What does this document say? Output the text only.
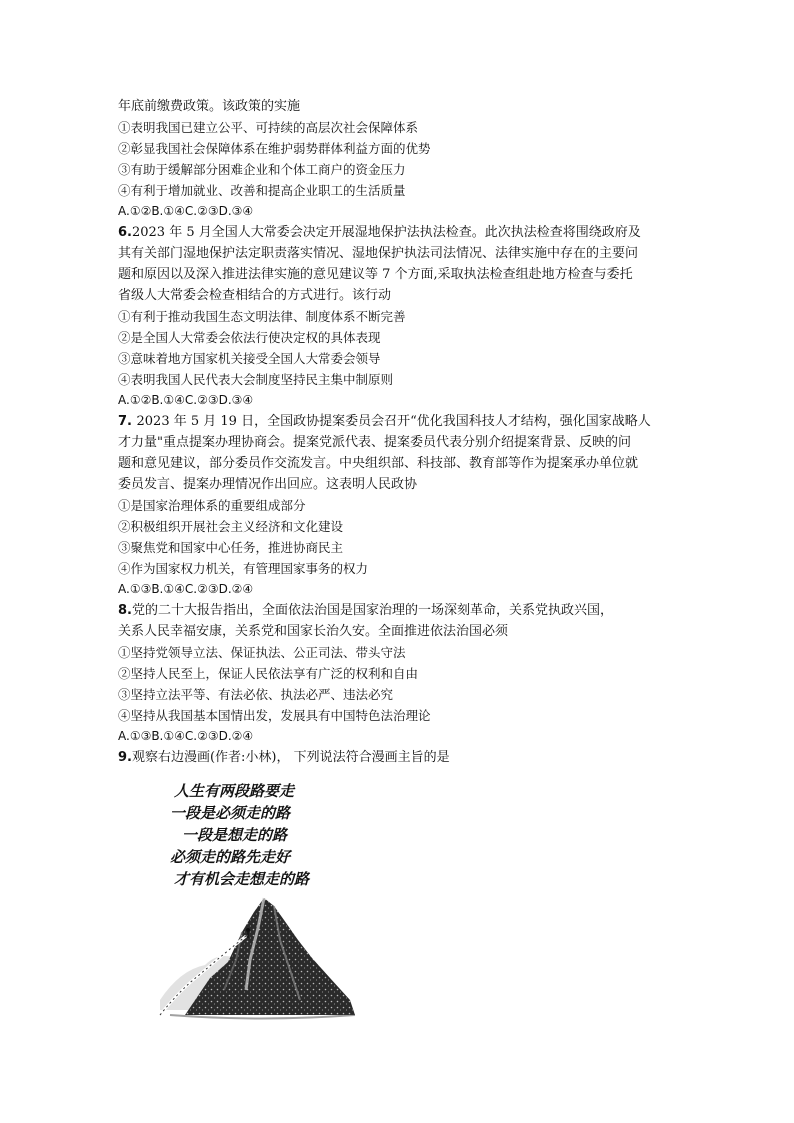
年底前缴费政策。该政策的实施
①表明我国已建立公平、可持续的高层次社会保障体系
②彰显我国社会保障体系在维护弱势群体利益方面的优势
③有助于缓解部分困难企业和个体工商户的资金压力
④有利于增加就业、改善和提高企业职工的生活质量
A.①②B.①④C.②③D.③④
6.2023 年 5 月全国人大常委会决定开展湿地保护法执法检查。此次执法检查将围绕政府及
其有关部门湿地保护法定职责落实情况、湿地保护执法司法情况、法律实施中存在的主要问
题和原因以及深入推进法律实施的意见建议等 7 个方面,采取执法检查组赴地方检查与委托
省级人大常委会检查相结合的方式进行。该行动
①有利于推动我国生态文明法律、制度体系不断完善
②是全国人大常委会依法行使决定权的具体表现
③意味着地方国家机关接受全国人大常委会领导
④表明我国人民代表大会制度坚持民主集中制原则
A.①②B.①④C.②③D.③④
7. 2023 年 5 月 19 日，全国政协提案委员会召开“优化我国科技人才结构，强化国家战略人
才力量"重点提案办理协商会。提案党派代表、提案委员代表分别介绍提案背景、反映的问
题和意见建议，部分委员作交流发言。中央组织部、科技部、教育部等作为提案承办单位就
委员发言、提案办理情况作出回应。这表明人民政协
①是国家治理体系的重要组成部分
②积极组织开展社会主义经济和文化建设
③聚焦党和国家中心任务，推进协商民主
④作为国家权力机关，有管理国家事务的权力
A.①③B.①④C.②③D.②④
8.党的二十大报告指出，全面依法治国是国家治理的一场深刻革命，关系党执政兴国，
关系人民幸福安康，关系党和国家长治久安。全面推进依法治国必须
①坚持党领导立法、保证执法、公正司法、带头守法
②坚持人民至上，保证人民依法享有广泛的权利和自由
③坚持立法平等、有法必依、执法必严、违法必究
④坚持从我国基本国情出发，发展具有中国特色法治理论
A.①③B.①④C.②③D.②④
9.观察右边漫画(作者:小林)， 下列说法符合漫画主旨的是
人生有两段路要走
一段是必须走的路
一段是想走的路
必须走的路先走好
才有机会走想走的路
